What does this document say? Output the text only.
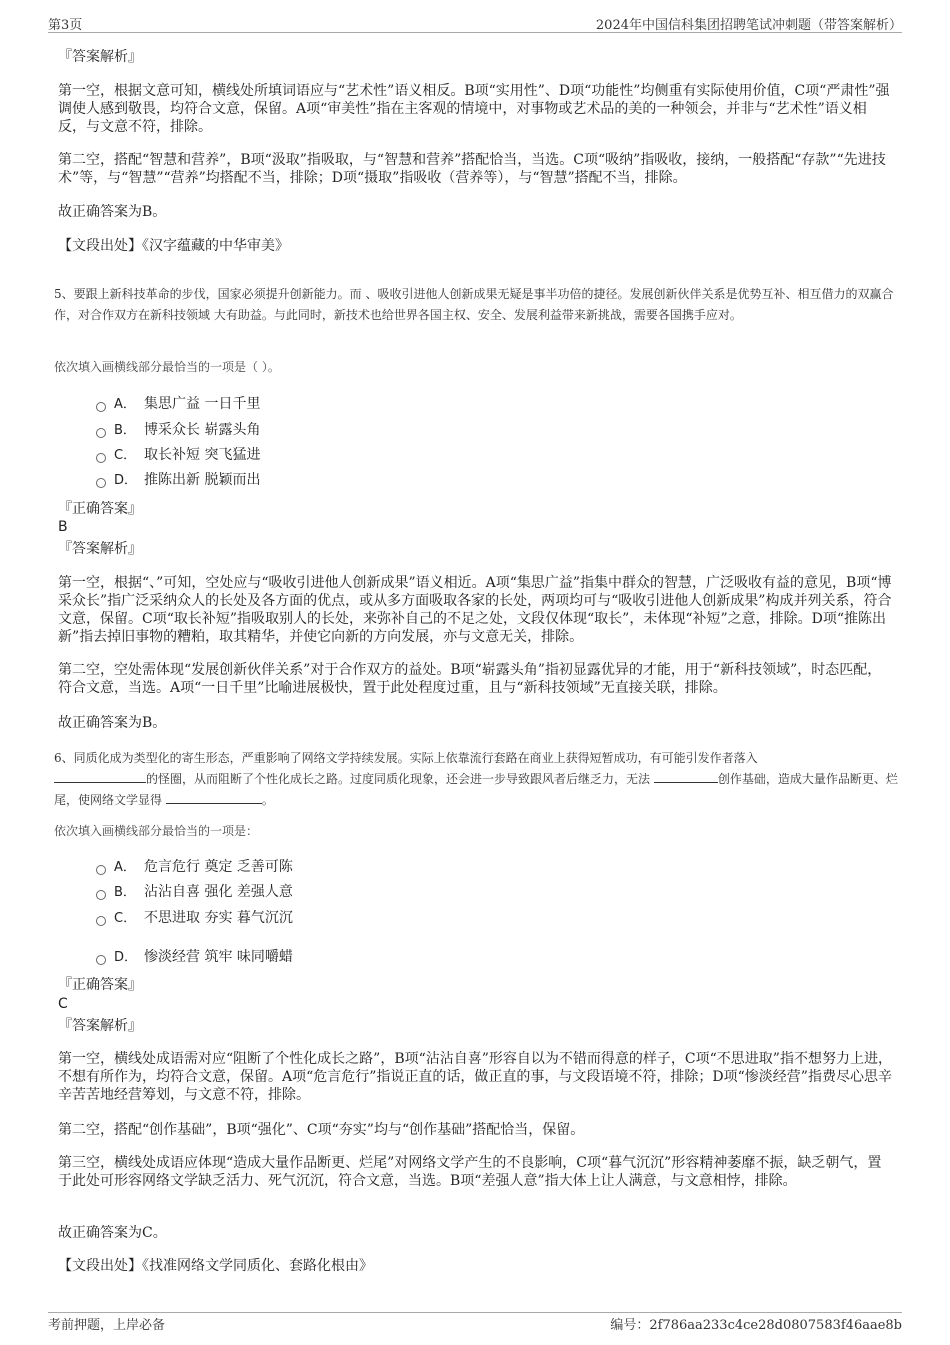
第3页	2024年中国信科集团招聘笔试冲刺题（带答案解析）
『答案解析』
第一空，根据文意可知，横线处所填词语应与“艺术性”语义相反。B项“实用性”、D项“功能性”均侧重有实际使用价值，C项“严肃性”强调使人感到敬畏，均符合文意，保留。A项“审美性”指在主客观的情境中，对事物或艺术品的美的一种领会，并非与“艺术性”语义相反，与文意不符，排除。
第二空，搭配“智慧和营养”，B项“汲取”指吸取，与“智慧和营养”搭配恰当，当选。C项“吸纳”指吸收，接纳，一般搭配“存款”“先进技术”等，与“智慧”“营养”均搭配不当，排除；D项“摄取”指吸收（营养等），与“智慧”搭配不当，排除。
故正确答案为B。
【文段出处】《汉字蕴藏的中华审美》
5、要跟上新科技革命的步伐，国家必须提升创新能力。而 、吸收引进他人创新成果无疑是事半功倍的捷径。发展创新伙伴关系是优势互补、相互借力的双赢合作，对合作双方在新科技领域 大有助益。与此同时，新技术也给世界各国主权、安全、发展利益带来新挑战，需要各国携手应对。
依次填入画横线部分最恰当的一项是（ ）。
A． 集思广益 一日千里
B． 博采众长 崭露头角
C． 取长补短 突飞猛进
D． 推陈出新 脱颖而出
『正确答案』
B
『答案解析』
第一空，根据“、”可知，空处应与“吸收引进他人创新成果”语义相近。A项“集思广益”指集中群众的智慧，广泛吸收有益的意见，B项“博采众长”指广泛采纳众人的长处及各方面的优点，或从多方面吸取各家的长处，两项均可与“吸收引进他人创新成果”构成并列关系，符合文意，保留。C项“取长补短”指吸取别人的长处，来弥补自己的不足之处，文段仅体现“取长”，未体现“补短”之意，排除。D项“推陈出新”指去掉旧事物的糟粕，取其精华，并使它向新的方向发展，亦与文意无关，排除。
第二空，空处需体现“发展创新伙伴关系”对于合作双方的益处。B项“崭露头角”指初显露优异的才能，用于“新科技领域”，时态匹配，符合文意，当选。A项“一日千里”比喻进展极快，置于此处程度过重，且与“新科技领域”无直接关联，排除。
故正确答案为B。
6、同质化成为类型化的寄生形态，严重影响了网络文学持续发展。实际上依靠流行套路在商业上获得短暂成功，有可能引发作者落入
的怪圈，从而阻断了个性化成长之路。过度同质化现象，还会进一步导致跟风者后继乏力，无法	创作基础，造成大量作品断更、烂尾，使网络文学显得	。
依次填入画横线部分最恰当的一项是：
A． 危言危行 奠定 乏善可陈
B． 沾沾自喜 强化 差强人意
C． 不思进取 夯实 暮气沉沉
D． 惨淡经营 筑牢 味同嚼蜡
『正确答案』
C
『答案解析』
第一空，横线处成语需对应“阻断了个性化成长之路”，B项“沾沾自喜”形容自以为不错而得意的样子，C项“不思进取”指不想努力上进，不想有所作为，均符合文意，保留。A项“危言危行”指说正直的话，做正直的事，与文段语境不符，排除；D项“惨淡经营”指费尽心思辛辛苦苦地经营筹划，与文意不符，排除。
第二空，搭配“创作基础”，B项“强化”、C项“夯实”均与“创作基础”搭配恰当，保留。
第三空，横线处成语应体现“造成大量作品断更、烂尾”对网络文学产生的不良影响，C项“暮气沉沉”形容精神萎靡不振，缺乏朝气，置于此处可形容网络文学缺乏活力、死气沉沉，符合文意，当选。B项“差强人意”指大体上让人满意，与文意相悖，排除。
故正确答案为C。
【文段出处】《找准网络文学同质化、套路化根由》
考前押题，上岸必备	编号：2f786aa233c4ce28d0807583f46aae8b
